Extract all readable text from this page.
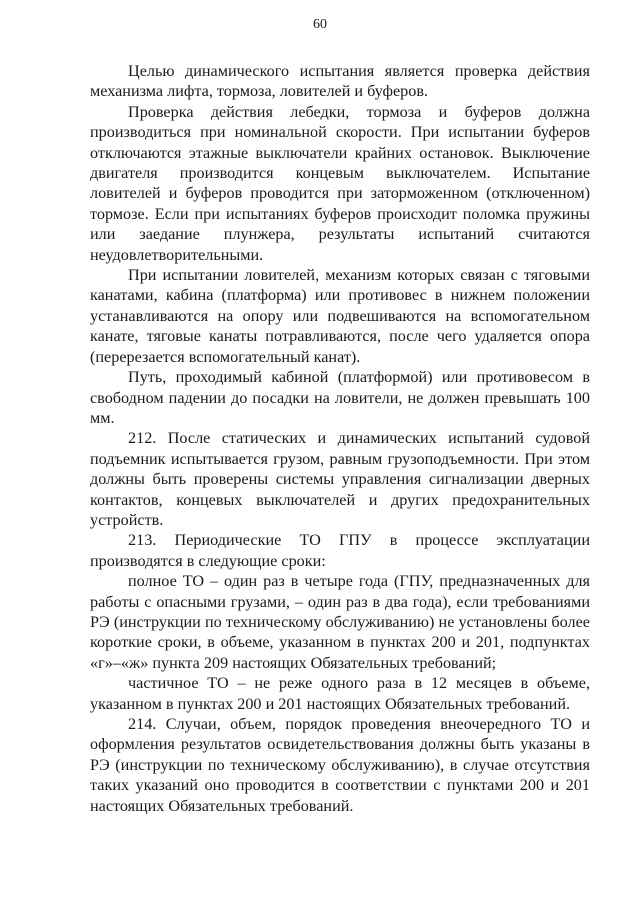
60

Целью динамического испытания является проверка действия механизма лифта, тормоза, ловителей и буферов.

Проверка действия лебедки, тормоза и буферов должна производиться при номинальной скорости. При испытании буферов отключаются этажные выключатели крайних остановок. Выключение двигателя производится концевым выключателем. Испытание ловителей и буферов проводится при заторможенном (отключенном) тормозе. Если при испытаниях буферов происходит поломка пружины или заедание плунжера, результаты испытаний считаются неудовлетворительными.

При испытании ловителей, механизм которых связан с тяговыми канатами, кабина (платформа) или противовес в нижнем положении устанавливаются на опору или подвешиваются на вспомогательном канате, тяговые канаты потравливаются, после чего удаляется опора (перерезается вспомогательный канат).

Путь, проходимый кабиной (платформой) или противовесом в свободном падении до посадки на ловители, не должен превышать 100 мм.

212. После статических и динамических испытаний судовой подъемник испытывается грузом, равным грузоподъемности. При этом должны быть проверены системы управления сигнализации дверных контактов, концевых выключателей и других предохранительных устройств.

213. Периодические ТО ГПУ в процессе эксплуатации производятся в следующие сроки:

полное ТО – один раз в четыре года (ГПУ, предназначенных для работы с опасными грузами, – один раз в два года), если требованиями РЭ (инструкции по техническому обслуживанию) не установлены более короткие сроки, в объеме, указанном в пунктах 200 и 201, подпунктах «г»–«ж» пункта 209 настоящих Обязательных требований;

частичное ТО – не реже одного раза в 12 месяцев в объеме, указанном в пунктах 200 и 201 настоящих Обязательных требований.

214. Случаи, объем, порядок проведения внеочередного ТО и оформления результатов освидетельствования должны быть указаны в РЭ (инструкции по техническому обслуживанию), в случае отсутствия таких указаний оно проводится в соответствии с пунктами 200 и 201 настоящих Обязательных требований.
